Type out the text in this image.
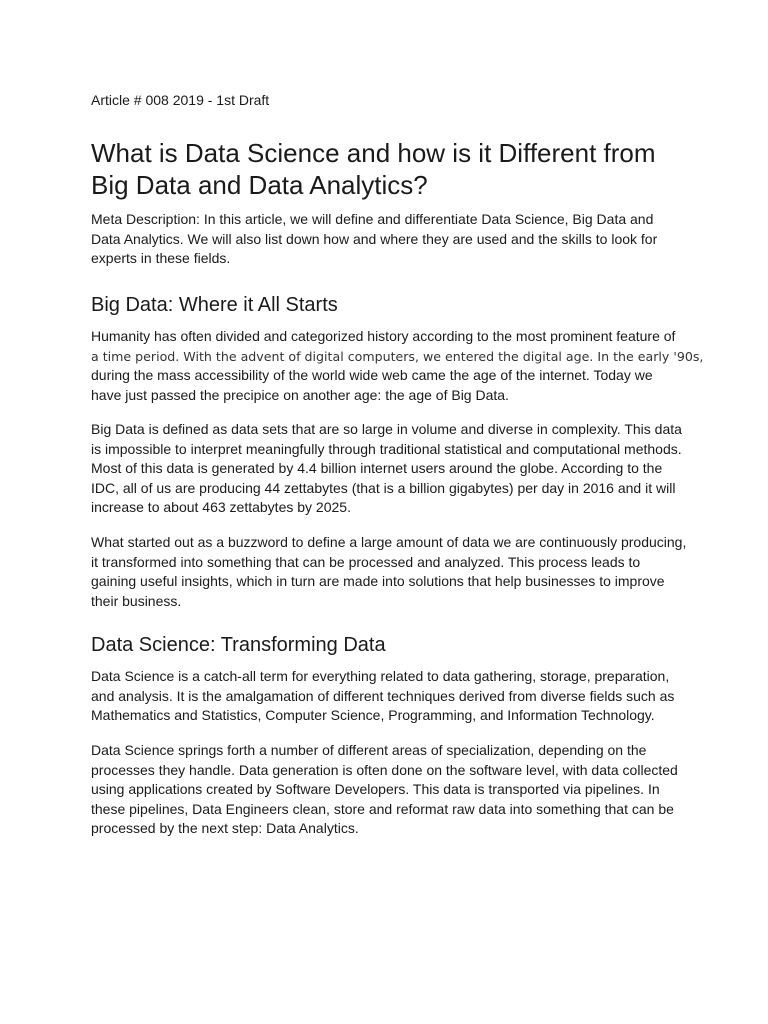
Article # 008 2019 - 1st Draft
What is Data Science and how is it Different from
Big Data and Data Analytics?

Meta Description: In this article, we will define and differentiate Data Science, Big Data and
Data Analytics. We will also list down how and where they are used and the skills to look for
experts in these fields.

Big Data: Where it All Starts

Humanity has often divided and categorized history according to the most prominent feature of
a time period. With the advent of digital computers, we entered the digital age. In the early '90s,
during the mass accessibility of the world wide web came the age of the internet. Today we
have just passed the precipice on another age: the age of Big Data.

Big Data is defined as data sets that are so large in volume and diverse in complexity. This data
is impossible to interpret meaningfully through traditional statistical and computational methods.
Most of this data is generated by 4.4 billion internet users around the globe. According to the
IDC, all of us are producing 44 zettabytes (that is a billion gigabytes) per day in 2016 and it will
increase to about 463 zettabytes by 2025.

What started out as a buzzword to define a large amount of data we are continuously producing,
it transformed into something that can be processed and analyzed. This process leads to
gaining useful insights, which in turn are made into solutions that help businesses to improve
their business.

Data Science: Transforming Data

Data Science is a catch-all term for everything related to data gathering, storage, preparation,
and analysis. It is the amalgamation of different techniques derived from diverse fields such as
Mathematics and Statistics, Computer Science, Programming, and Information Technology.

Data Science springs forth a number of different areas of specialization, depending on the
processes they handle. Data generation is often done on the software level, with data collected
using applications created by Software Developers. This data is transported via pipelines. In
these pipelines, Data Engineers clean, store and reformat raw data into something that can be
processed by the next step: Data Analytics.
